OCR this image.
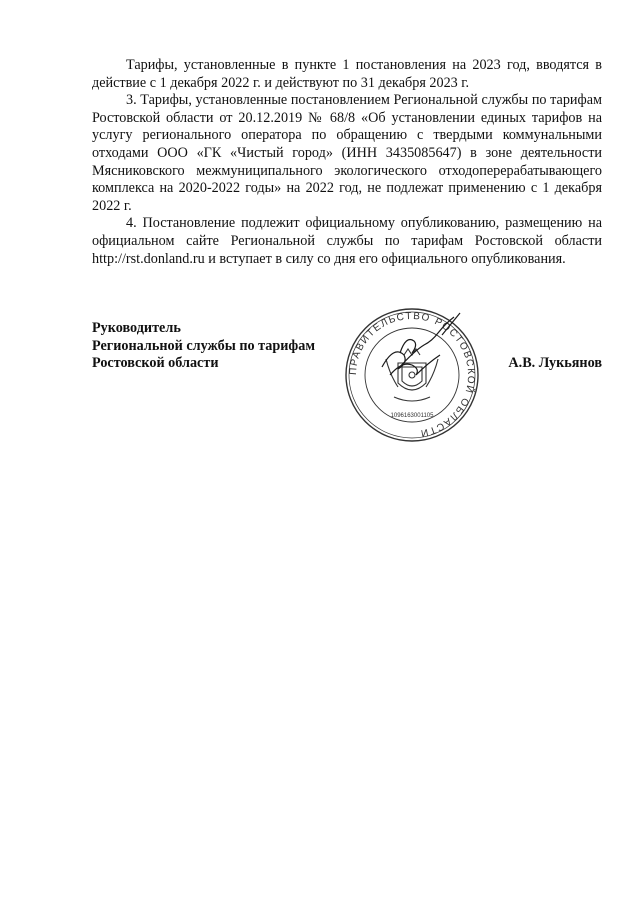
Тарифы, установленные в пункте 1 постановления на 2023 год, вводятся в действие с 1 декабря 2022 г. и действуют по 31 декабря 2023 г.

3. Тарифы, установленные постановлением Региональной службы по тарифам Ростовской области от 20.12.2019 № 68/8 «Об установлении единых тарифов на услугу регионального оператора по обращению с твердыми коммунальными отходами ООО «ГК «Чистый город» (ИНН 3435085647) в зоне деятельности Мясниковского межмуниципального экологического отходоперерабатывающего комплекса на 2020-2022 годы» на 2022 год, не подлежат применению с 1 декабря 2022 г.

4. Постановление подлежит официальному опубликованию, размещению на официальном сайте Региональной службы по тарифам Ростовской области http://rst.donland.ru и вступает в силу со дня его официального опубликования.

Руководитель
Региональной службы по тарифам
Ростовской области	ПРАВИТЕЛЬСТВО РОСТОВСКОЙ ОБЛАСТИ
1096163001105
А.В. Лукьянов
